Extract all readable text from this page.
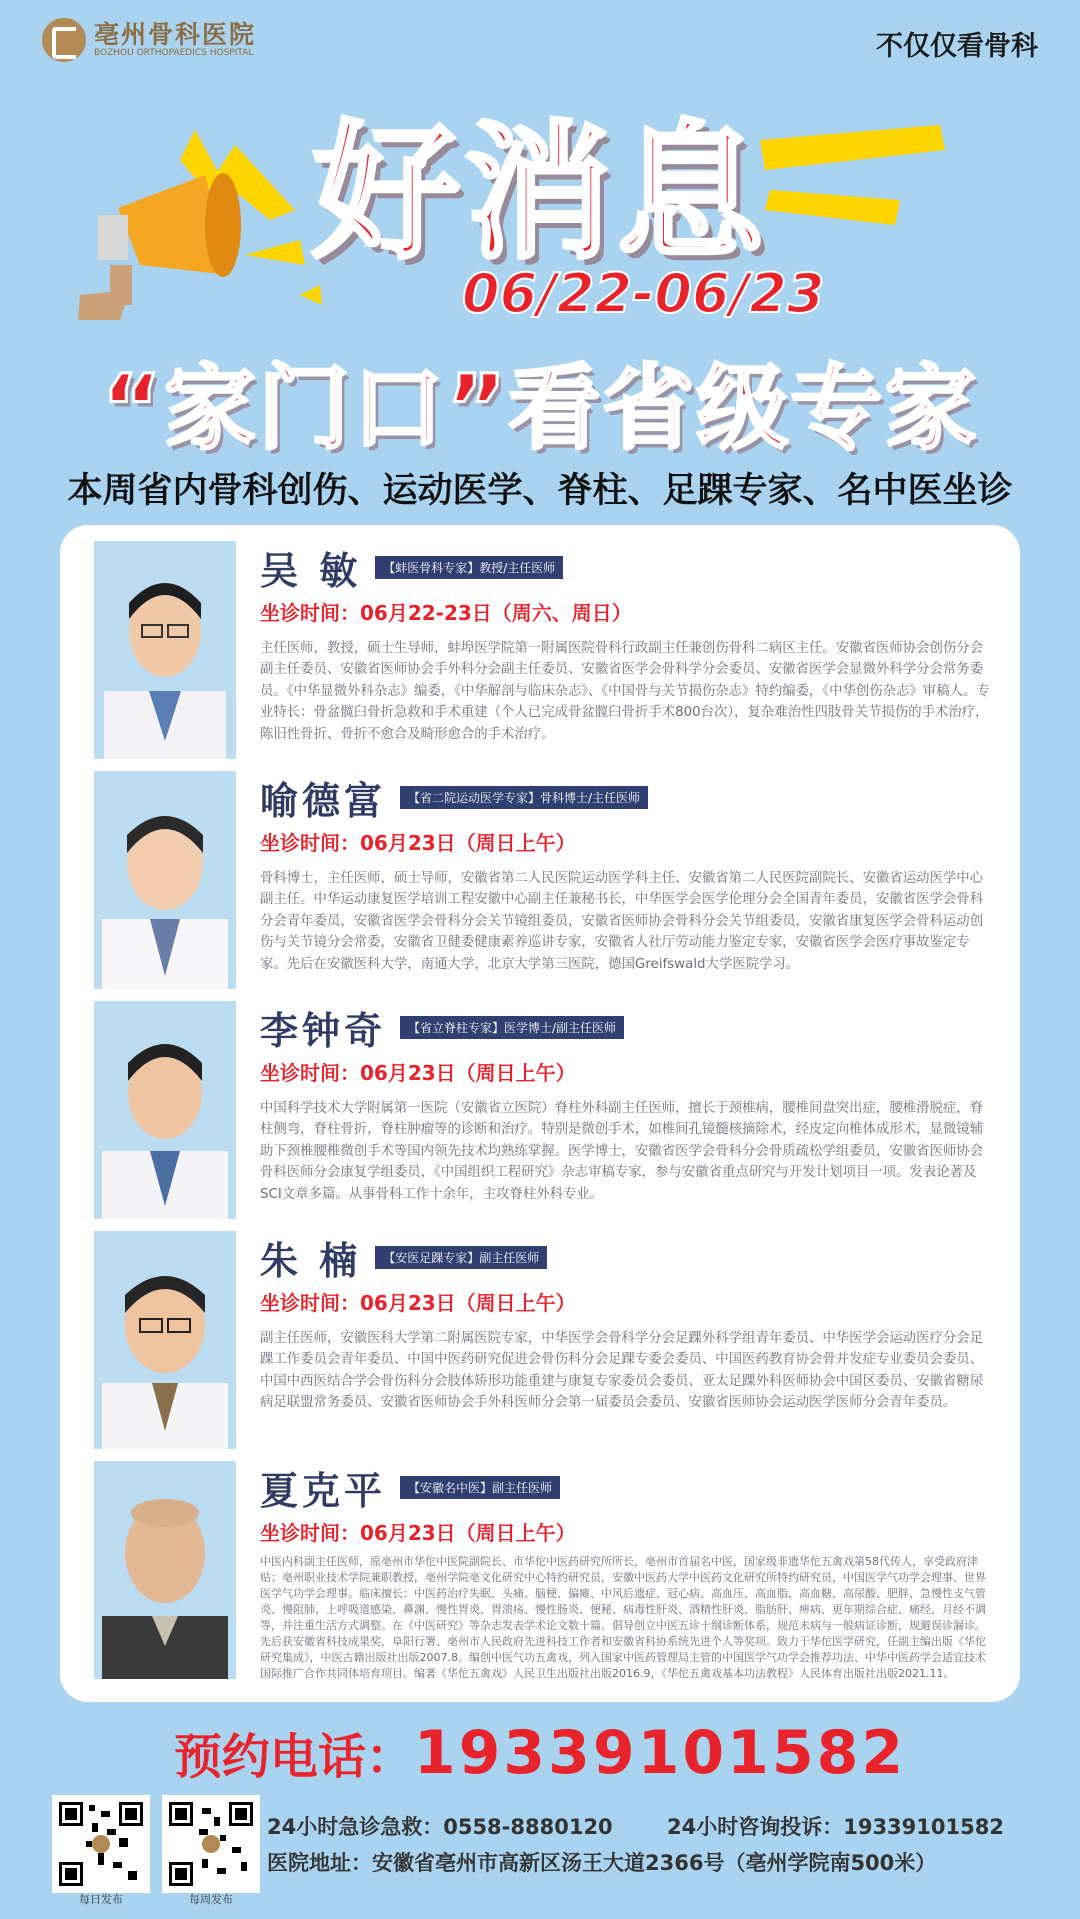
亳州骨科医院
BOZHOU ORTHOPAEDICS HOSPITAL	不仅仅看骨科
好消息
06/22-06/23
“家门口”看省级专家
本周省内骨科创伤、运动医学、脊柱、足踝专家、名中医坐诊
吴 敏	【蚌医骨科专家】教授/主任医师
坐诊时间：06月22-23日（周六、周日）
主任医师，教授，硕士生导师，蚌埠医学院第一附属医院骨科行政副主任兼创伤骨科二病区主任。安徽省医师协会创伤分会副主任委员、安徽省医师协会手外科分会副主任委员、安徽省医学会骨科学分会委员、安徽省医学会显微外科学分会常务委员。《中华显微外科杂志》编委，《中华解剖与临床杂志》、《中国骨与关节损伤杂志》特约编委，《中华创伤杂志》审稿人。专业特长：骨盆髋臼骨折急救和手术重建（个人已完成骨盆髋臼骨折手术800台次），复杂难治性四肢骨关节损伤的手术治疗，陈旧性骨折、骨折不愈合及畸形愈合的手术治疗。
喻德富	【省二院运动医学专家】骨科博士/主任医师
坐诊时间：06月23日（周日上午）
骨科博士，主任医师，硕士导师，安徽省第二人民医院运动医学科主任、安徽省第二人民医院副院长、安徽省运动医学中心副主任。中华运动康复医学培训工程安徽中心副主任兼秘书长，中华医学会医学伦理分会全国青年委员，安徽省医学会骨科分会青年委员，安徽省医学会骨科分会关节镜组委员，安徽省医师协会骨科分会关节组委员，安徽省康复医学会骨科运动创伤与关节镜分会常委，安徽省卫健委健康素养巡讲专家，安徽省人社厅劳动能力鉴定专家，安徽省医学会医疗事故鉴定专家。先后在安徽医科大学，南通大学，北京大学第三医院，德国Greifswald大学医院学习。
李钟奇	【省立脊柱专家】医学博士/副主任医师
坐诊时间：06月23日（周日上午）
中国科学技术大学附属第一医院（安徽省立医院）脊柱外科副主任医师，擅长于颈椎病，腰椎间盘突出症，腰椎滑脱症，脊柱侧弯，脊柱骨折，脊柱肿瘤等的诊断和治疗。特别是微创手术，如椎间孔镜髓核摘除术，经皮定向椎体成形术，显微镜辅助下颈椎腰椎微创手术等国内领先技术均熟练掌握。医学博士，安徽省医学会骨科分会骨质疏松学组委员，安徽省医师协会骨科医师分会康复学组委员，《中国组织工程研究》杂志审稿专家，参与安徽省重点研究与开发计划项目一项。发表论著及SCI文章多篇。从事骨科工作十余年，主攻脊柱外科专业。
朱 楠	【安医足踝专家】副主任医师
坐诊时间：06月23日（周日上午）
副主任医师，安徽医科大学第二附属医院专家，中华医学会骨科学分会足踝外科学组青年委员、中华医学会运动医疗分会足踝工作委员会青年委员、中国中医药研究促进会骨伤科分会足踝专委会委员、中国医药教育协会骨并发症专业委员会委员、中国中西医结合学会骨伤科分会肢体矫形功能重建与康复专家委员会委员、亚太足踝外科医师协会中国区委员、安徽省糖尿病足联盟常务委员、安徽省医师协会手外科医师分会第一届委员会委员、安徽省医师协会运动医学医师分会青年委员。
夏克平	【安徽名中医】副主任医师
坐诊时间：06月23日（周日上午）
中医内科副主任医师，原亳州市华佗中医院副院长、市华佗中医药研究所所长，亳州市首届名中医，国家级非遗华佗五禽戏第58代传人，享受政府津贴；亳州职业技术学院兼职教授，亳州学院亳文化研究中心特约研究员，安徽中医药大学中医药文化研究所特约研究员，中国医学气功学会理事、世界医学气功学会理事。临床擅长：中医药治疗失眠、头痛、脑梗、偏瘫、中风后遗症、冠心病、高血压、高血脂、高血糖、高尿酸、肥胖、急慢性支气管炎、慢阻肺、上呼吸道感染、鼻渊、慢性胃炎、胃溃疡、慢性肠炎、便秘、病毒性肝炎、酒精性肝炎、脂肪肝、痹病、更年期综合症、痛经、月经不调等，并注重生活方式调整。在《中医研究》等杂志发表学术论文数十篇。倡导创立中医五诊十纲诊断体系，规范未病与一般病证诊断，规避误诊漏诊。先后获安徽省科技成果奖，阜阳行署、亳州市人民政府先进科技工作者和安徽省科协系统先进个人等奖项。致力于华佗医学研究，任副主编出版《华佗研究集成》，中医古籍出版社出版2007.8。编创中医气功五禽戏，列入国家中医药管理局主管的中国医学气功学会推荐功法、中华中医药学会适宜技术国际推广合作共同体培育项目。编著《华佗五禽戏》人民卫生出版社出版2016.9，《华佗五禽戏基本功法教程》人民体育出版社出版2021.11。
预约电话：19339101582
每日发布	每周发布
24小时急诊急救：0558-8880120	24小时咨询投诉：19339101582
医院地址：安徽省亳州市高新区汤王大道2366号（亳州学院南500米）
